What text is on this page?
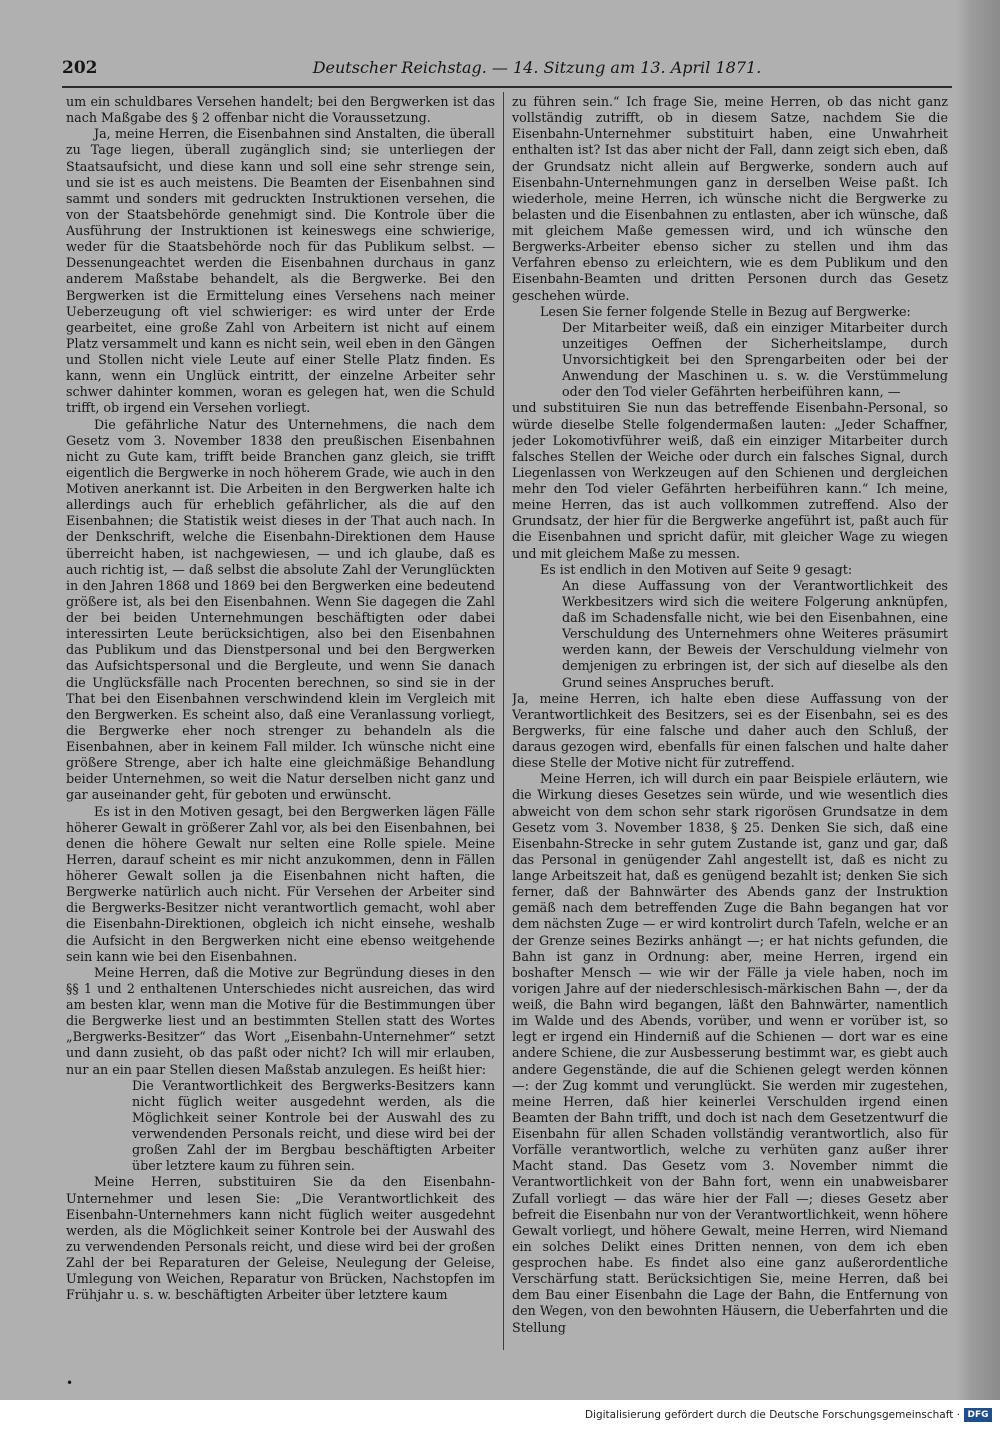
202	Deutscher Reichstag. — 14. Sitzung am 13. April 1871.

um ein schuldbares Versehen handelt; bei den Bergwerken ist das nach Maßgabe des § 2 offenbar nicht die Voraussetzung.

Ja, meine Herren, die Eisenbahnen sind Anstalten, die überall zu Tage liegen, überall zugänglich sind; sie unterliegen der Staatsaufsicht, und diese kann und soll eine sehr strenge sein, und sie ist es auch meistens. Die Beamten der Eisenbahnen sind sammt und sonders mit gedruckten Instruktionen versehen, die von der Staatsbehörde genehmigt sind. Die Kontrole über die Ausführung der Instruktionen ist keineswegs eine schwierige, weder für die Staatsbehörde noch für das Publikum selbst. — Dessenungeachtet werden die Eisenbahnen durchaus in ganz anderem Maßstabe behandelt, als die Bergwerke. Bei den Bergwerken ist die Ermittelung eines Versehens nach meiner Ueberzeugung oft viel schwieriger: es wird unter der Erde gearbeitet, eine große Zahl von Arbeitern ist nicht auf einem Platz versammelt und kann es nicht sein, weil eben in den Gängen und Stollen nicht viele Leute auf einer Stelle Platz finden. Es kann, wenn ein Unglück eintritt, der einzelne Arbeiter sehr schwer dahinter kommen, woran es gelegen hat, wen die Schuld trifft, ob irgend ein Versehen vorliegt.

Die gefährliche Natur des Unternehmens, die nach dem Gesetz vom 3. November 1838 den preußischen Eisenbahnen nicht zu Gute kam, trifft beide Branchen ganz gleich, sie trifft eigentlich die Bergwerke in noch höherem Grade, wie auch in den Motiven anerkannt ist. Die Arbeiten in den Bergwerken halte ich allerdings auch für erheblich gefährlicher, als die auf den Eisenbahnen; die Statistik weist dieses in der That auch nach. In der Denkschrift, welche die Eisenbahn-Direktionen dem Hause überreicht haben, ist nachgewiesen, — und ich glaube, daß es auch richtig ist, — daß selbst die absolute Zahl der Verunglückten in den Jahren 1868 und 1869 bei den Bergwerken eine bedeutend größere ist, als bei den Eisenbahnen. Wenn Sie dagegen die Zahl der bei beiden Unternehmungen beschäftigten oder dabei interessirten Leute berücksichtigen, also bei den Eisenbahnen das Publikum und das Dienstpersonal und bei den Bergwerken das Aufsichtspersonal und die Bergleute, und wenn Sie danach die Unglücksfälle nach Procenten berechnen, so sind sie in der That bei den Eisenbahnen verschwindend klein im Vergleich mit den Bergwerken. Es scheint also, daß eine Veranlassung vorliegt, die Bergwerke eher noch strenger zu behandeln als die Eisenbahnen, aber in keinem Fall milder. Ich wünsche nicht eine größere Strenge, aber ich halte eine gleichmäßige Behandlung beider Unternehmen, so weit die Natur derselben nicht ganz und gar auseinander geht, für geboten und erwünscht.

Es ist in den Motiven gesagt, bei den Bergwerken lägen Fälle höherer Gewalt in größerer Zahl vor, als bei den Eisenbahnen, bei denen die höhere Gewalt nur selten eine Rolle spiele. Meine Herren, darauf scheint es mir nicht anzukommen, denn in Fällen höherer Gewalt sollen ja die Eisenbahnen nicht haften, die Bergwerke natürlich auch nicht. Für Versehen der Arbeiter sind die Bergwerks-Besitzer nicht verantwortlich gemacht, wohl aber die Eisenbahn-Direktionen, obgleich ich nicht einsehe, weshalb die Aufsicht in den Bergwerken nicht eine ebenso weitgehende sein kann wie bei den Eisenbahnen.

Meine Herren, daß die Motive zur Begründung dieses in den §§ 1 und 2 enthaltenen Unterschiedes nicht ausreichen, das wird am besten klar, wenn man die Motive für die Bestimmungen über die Bergwerke liest und an bestimmten Stellen statt des Wortes „Bergwerks-Besitzer“ das Wort „Eisenbahn-Unternehmer“ setzt und dann zusieht, ob das paßt oder nicht? Ich will mir erlauben, nur an ein paar Stellen diesen Maßstab anzulegen. Es heißt hier:

Die Verantwortlichkeit des Bergwerks-Besitzers kann nicht füglich weiter ausgedehnt werden, als die Möglichkeit seiner Kontrole bei der Auswahl des zu verwendenden Personals reicht, und diese wird bei der großen Zahl der im Bergbau beschäftigten Arbeiter über letztere kaum zu führen sein.

Meine Herren, substituiren Sie da den Eisenbahn-Unternehmer und lesen Sie: „Die Verantwortlichkeit des Eisenbahn-Unternehmers kann nicht füglich weiter ausgedehnt werden, als die Möglichkeit seiner Kontrole bei der Auswahl des zu verwendenden Personals reicht, und diese wird bei der großen Zahl der bei Reparaturen der Geleise, Neulegung der Geleise, Umlegung von Weichen, Reparatur von Brücken, Nachstopfen im Frühjahr u. s. w. beschäftigten Arbeiter über letztere kaum

zu führen sein.“ Ich frage Sie, meine Herren, ob das nicht ganz vollständig zutrifft, ob in diesem Satze, nachdem Sie die Eisenbahn-Unternehmer substituirt haben, eine Unwahrheit enthalten ist? Ist das aber nicht der Fall, dann zeigt sich eben, daß der Grundsatz nicht allein auf Bergwerke, sondern auch auf Eisenbahn-Unternehmungen ganz in derselben Weise paßt. Ich wiederhole, meine Herren, ich wünsche nicht die Bergwerke zu belasten und die Eisenbahnen zu entlasten, aber ich wünsche, daß mit gleichem Maße gemessen wird, und ich wünsche den Bergwerks-Arbeiter ebenso sicher zu stellen und ihm das Verfahren ebenso zu erleichtern, wie es dem Publikum und den Eisenbahn-Beamten und dritten Personen durch das Gesetz geschehen würde.

Lesen Sie ferner folgende Stelle in Bezug auf Bergwerke:

Der Mitarbeiter weiß, daß ein einziger Mitarbeiter durch unzeitiges Oeffnen der Sicherheitslampe, durch Unvorsichtigkeit bei den Sprengarbeiten oder bei der Anwendung der Maschinen u. s. w. die Verstümmelung oder den Tod vieler Gefährten herbeiführen kann, —

und substituiren Sie nun das betreffende Eisenbahn-Personal, so würde dieselbe Stelle folgendermaßen lauten: „Jeder Schaffner, jeder Lokomotivführer weiß, daß ein einziger Mitarbeiter durch falsches Stellen der Weiche oder durch ein falsches Signal, durch Liegenlassen von Werkzeugen auf den Schienen und dergleichen mehr den Tod vieler Gefährten herbeiführen kann.“ Ich meine, meine Herren, das ist auch vollkommen zutreffend. Also der Grundsatz, der hier für die Bergwerke angeführt ist, paßt auch für die Eisenbahnen und spricht dafür, mit gleicher Wage zu wiegen und mit gleichem Maße zu messen.

Es ist endlich in den Motiven auf Seite 9 gesagt:

An diese Auffassung von der Verantwortlichkeit des Werkbesitzers wird sich die weitere Folgerung anknüpfen, daß im Schadensfalle nicht, wie bei den Eisenbahnen, eine Verschuldung des Unternehmers ohne Weiteres präsumirt werden kann, der Beweis der Verschuldung vielmehr von demjenigen zu erbringen ist, der sich auf dieselbe als den Grund seines Anspruches beruft.

Ja, meine Herren, ich halte eben diese Auffassung von der Verantwortlichkeit des Besitzers, sei es der Eisenbahn, sei es des Bergwerks, für eine falsche und daher auch den Schluß, der daraus gezogen wird, ebenfalls für einen falschen und halte daher diese Stelle der Motive nicht für zutreffend.

Meine Herren, ich will durch ein paar Beispiele erläutern, wie die Wirkung dieses Gesetzes sein würde, und wie wesentlich dies abweicht von dem schon sehr stark rigorösen Grundsatze in dem Gesetz vom 3. November 1838, § 25. Denken Sie sich, daß eine Eisenbahn-Strecke in sehr gutem Zustande ist, ganz und gar, daß das Personal in genügender Zahl angestellt ist, daß es nicht zu lange Arbeitszeit hat, daß es genügend bezahlt ist; denken Sie sich ferner, daß der Bahnwärter des Abends ganz der Instruktion gemäß nach dem betreffenden Zuge die Bahn begangen hat vor dem nächsten Zuge — er wird kontrolirt durch Tafeln, welche er an der Grenze seines Bezirks anhängt —; er hat nichts gefunden, die Bahn ist ganz in Ordnung: aber, meine Herren, irgend ein boshafter Mensch — wie wir der Fälle ja viele haben, noch im vorigen Jahre auf der niederschlesisch-märkischen Bahn —, der da weiß, die Bahn wird begangen, läßt den Bahnwärter, namentlich im Walde und des Abends, vorüber, und wenn er vorüber ist, so legt er irgend ein Hinderniß auf die Schienen — dort war es eine andere Schiene, die zur Ausbesserung bestimmt war, es giebt auch andere Gegenstände, die auf die Schienen gelegt werden können —: der Zug kommt und verunglückt. Sie werden mir zugestehen, meine Herren, daß hier keinerlei Verschulden irgend einen Beamten der Bahn trifft, und doch ist nach dem Gesetzentwurf die Eisenbahn für allen Schaden vollständig verantwortlich, also für Vorfälle verantwortlich, welche zu verhüten ganz außer ihrer Macht stand. Das Gesetz vom 3. November nimmt die Verantwortlichkeit von der Bahn fort, wenn ein unabweisbarer Zufall vorliegt — das wäre hier der Fall —; dieses Gesetz aber befreit die Eisenbahn nur von der Verantwortlichkeit, wenn höhere Gewalt vorliegt, und höhere Gewalt, meine Herren, wird Niemand ein solches Delikt eines Dritten nennen, von dem ich eben gesprochen habe. Es findet also eine ganz außerordentliche Verschärfung statt. Berücksichtigen Sie, meine Herren, daß bei dem Bau einer Eisenbahn die Lage der Bahn, die Entfernung von den Wegen, von den bewohnten Häusern, die Ueberfahrten und die Stellung

•
Digitalisierung gefördert durch die Deutsche Forschungsgemeinschaft · DFG
